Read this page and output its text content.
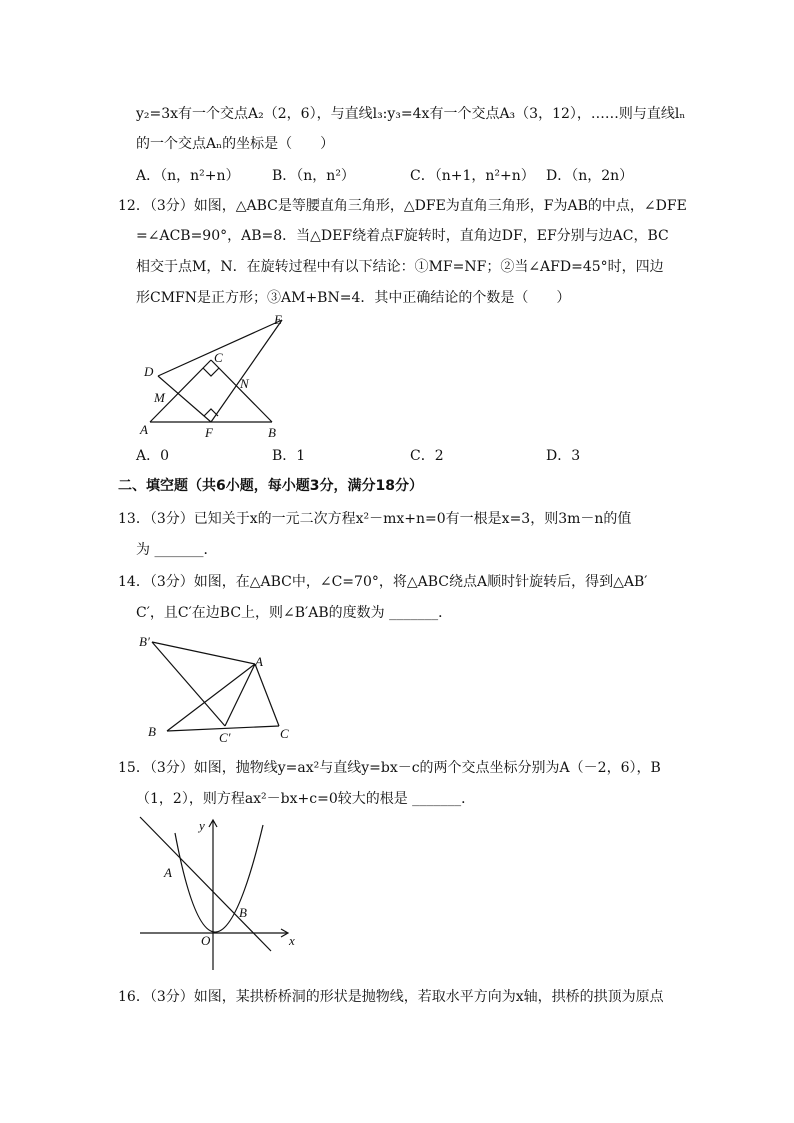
y₂=3x有一个交点A₂（2，6），与直线l₃:y₃=4x有一个交点A₃（3，12），……则与直线lₙ
的一个交点Aₙ的坐标是（　　）
A．（n，n²+n） B．（n，n²）	C．（n+1，n²+n） D．（n，2n）
12．（3分）如图，△ABC是等腰直角三角形，△DFE为直角三角形，F为AB的中点，∠DFE
=∠ACB=90°，AB=8．当△DEF绕着点F旋转时，直角边DF，EF分别与边AC，BC
相交于点M，N．在旋转过程中有以下结论：①MF=NF；②当∠AFD=45°时，四边
形CMFN是正方形；③AM+BN=4．其中正确结论的个数是（　　）
E
D
C
M
N
A	F	B
A．0	B．1	C．2	D．3
二、填空题（共6小题，每小题3分，满分18分）
13．（3分）已知关于x的一元二次方程x²－mx+n=0有一根是x=3，则3m－n的值
为 _______．
14．（3分）如图，在△ABC中，∠C=70°，将△ABC绕点A顺时针旋转后，得到△AB′
C′，且C′在边BC上，则∠B′AB的度数为 _______．
B′
A
B	C′	C
15．（3分）如图，抛物线y=ax²与直线y=bx－c的两个交点坐标分别为A（－2，6），B
（1，2），则方程ax²－bx+c=0较大的根是 _______．
y
x
O
A
B
16．（3分）如图，某拱桥桥洞的形状是抛物线，若取水平方向为x轴，拱桥的拱顶为原点
